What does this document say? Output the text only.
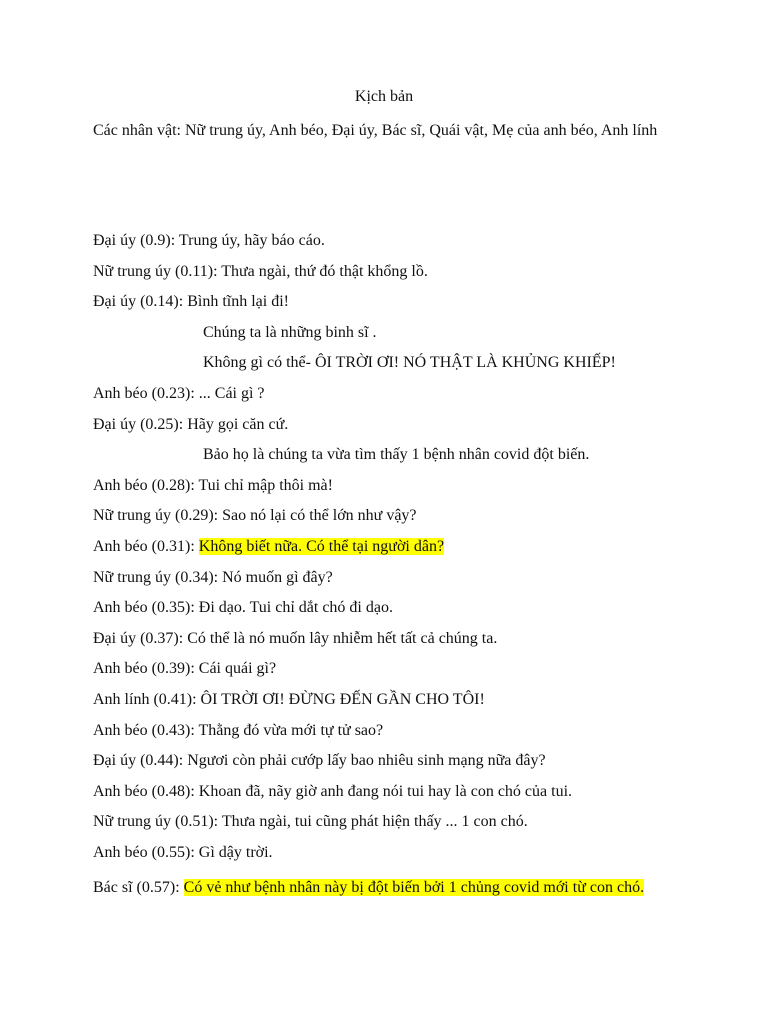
Kịch bản
Các nhân vật: Nữ trung úy, Anh béo, Đại úy, Bác sĩ, Quái vật, Mẹ của anh béo, Anh lính
Đại úy (0.9): Trung úy, hãy báo cáo.
Nữ trung úy (0.11): Thưa ngài, thứ đó thật khổng lồ.
Đại úy (0.14): Bình tĩnh lại đi!
Chúng ta là những binh sĩ .
Không gì có thể- ÔI TRỜI ƠI! NÓ THẬT LÀ KHỦNG KHIẾP!
Anh béo (0.23): ... Cái gì ?
Đại úy (0.25): Hãy gọi căn cứ.
Bảo họ là chúng ta vừa tìm thấy 1 bệnh nhân covid đột biến.
Anh béo (0.28): Tui chỉ mập thôi mà!
Nữ trung úy (0.29): Sao nó lại có thể lớn như vậy?
Anh béo (0.31): Không biết nữa. Có thể tại người dân?
Nữ trung úy (0.34): Nó muốn gì đây?
Anh béo (0.35): Đi dạo. Tui chỉ dắt chó đi dạo.
Đại úy (0.37): Có thể là nó muốn lây nhiễm hết tất cả chúng ta.
Anh béo (0.39): Cái quái gì?
Anh lính (0.41): ÔI TRỜI ƠI! ĐỪNG ĐẾN GẦN CHO TÔI!
Anh béo (0.43): Thằng đó vừa mới tự tử sao?
Đại úy (0.44): Ngươi còn phải cướp lấy bao nhiêu sinh mạng nữa đây?
Anh béo (0.48): Khoan đã, nãy giờ anh đang nói tui hay là con chó của tui.
Nữ trung úy (0.51): Thưa ngài, tui cũng phát hiện thấy ... 1 con chó.
Anh béo (0.55): Gì dậy trời.
Bác sĩ (0.57): Có vẻ như bệnh nhân này bị đột biến bởi 1 chủng covid mới từ con chó.
